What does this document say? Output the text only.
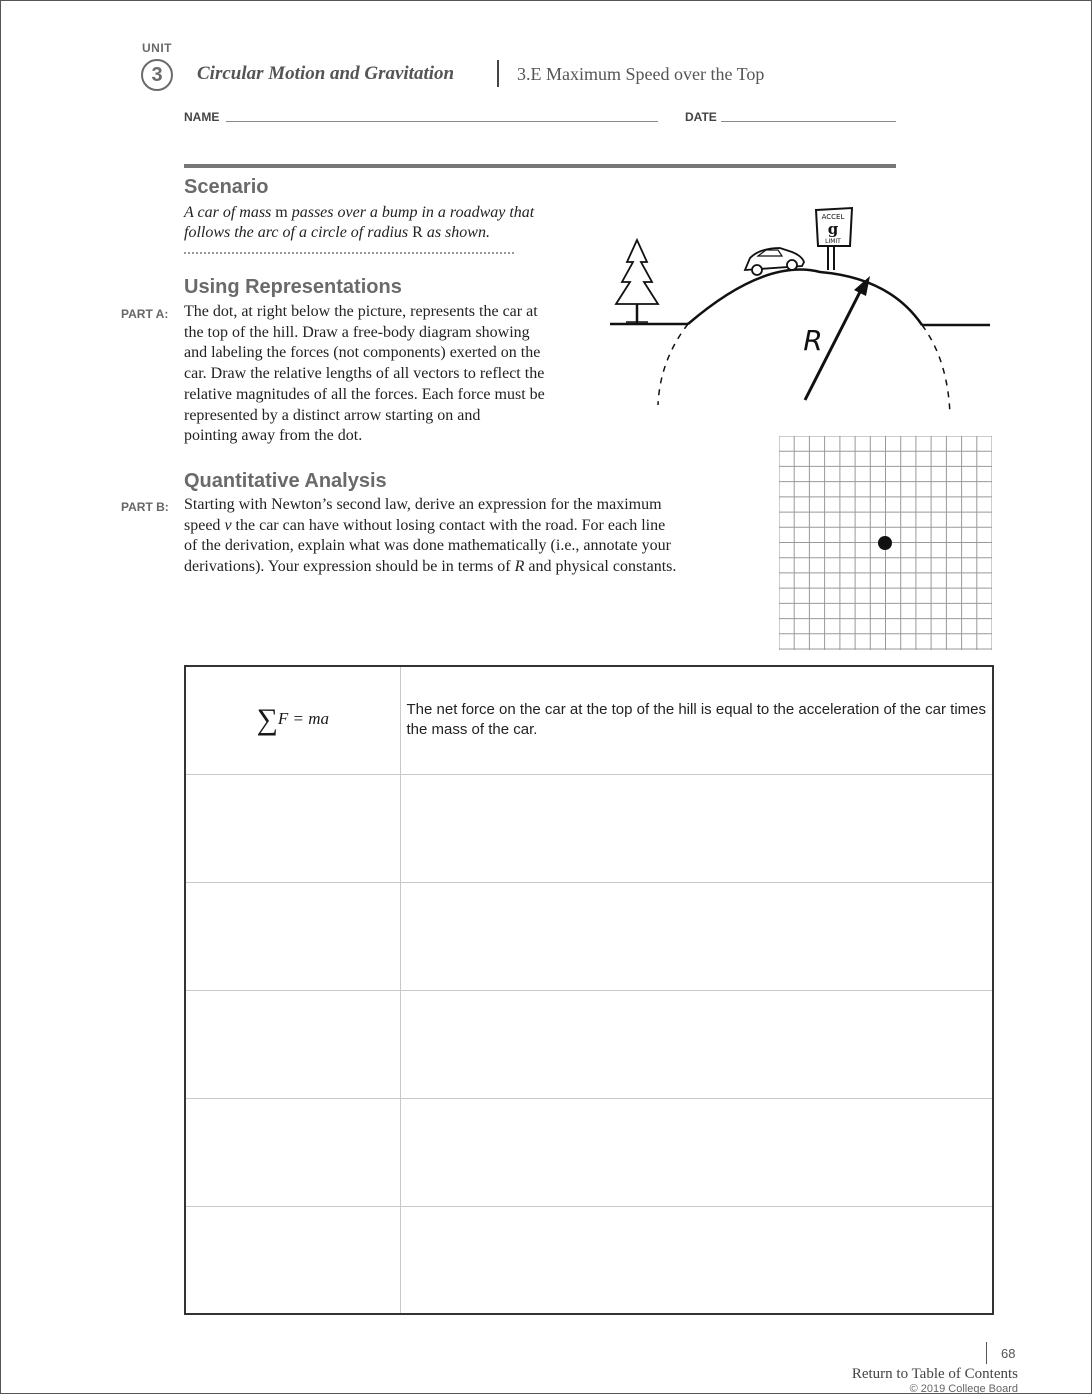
UNIT
3	Circular Motion and Gravitation	3.E Maximum Speed over the Top
NAME	DATE
Scenario
A car of mass m passes over a bump in a roadway that
follows the arc of a circle of radius R as shown.
ACCEL
g
LIMIT
R
Using Representations
PART A: The dot, at right below the picture, represents the car at
the top of the hill. Draw a free-body diagram showing
and labeling the forces (not components) exerted on the
car. Draw the relative lengths of all vectors to reflect the
relative magnitudes of all the forces. Each force must be
represented by a distinct arrow starting on and
pointing away from the dot.
Quantitative Analysis
PART B: Starting with Newton’s second law, derive an expression for the maximum
speed v the car can have without losing contact with the road. For each line
of the derivation, explain what was done mathematically (i.e., annotate your
derivations). Your expression should be in terms of R and physical constants.
∑F = ma	The net force on the car at the top of the hill is equal to the acceleration of the car times the mass of the car.

68
Return to Table of Contents
© 2019 College Board
